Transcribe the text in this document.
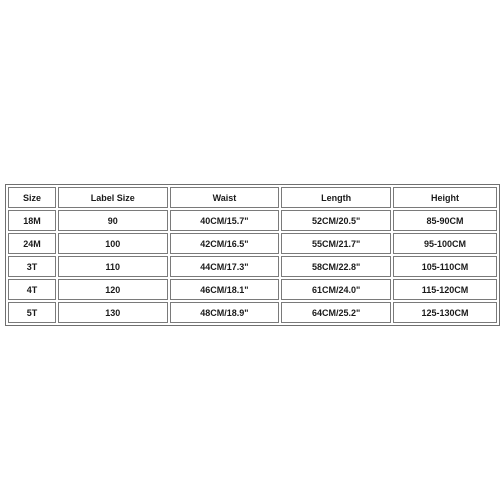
Size	Label Size	Waist	Length	Height
18M	90	40CM/15.7"	52CM/20.5"	85-90CM
24M	100	42CM/16.5"	55CM/21.7"	95-100CM
3T	110	44CM/17.3"	58CM/22.8"	105-110CM
4T	120	46CM/18.1"	61CM/24.0"	115-120CM
5T	130	48CM/18.9"	64CM/25.2"	125-130CM
